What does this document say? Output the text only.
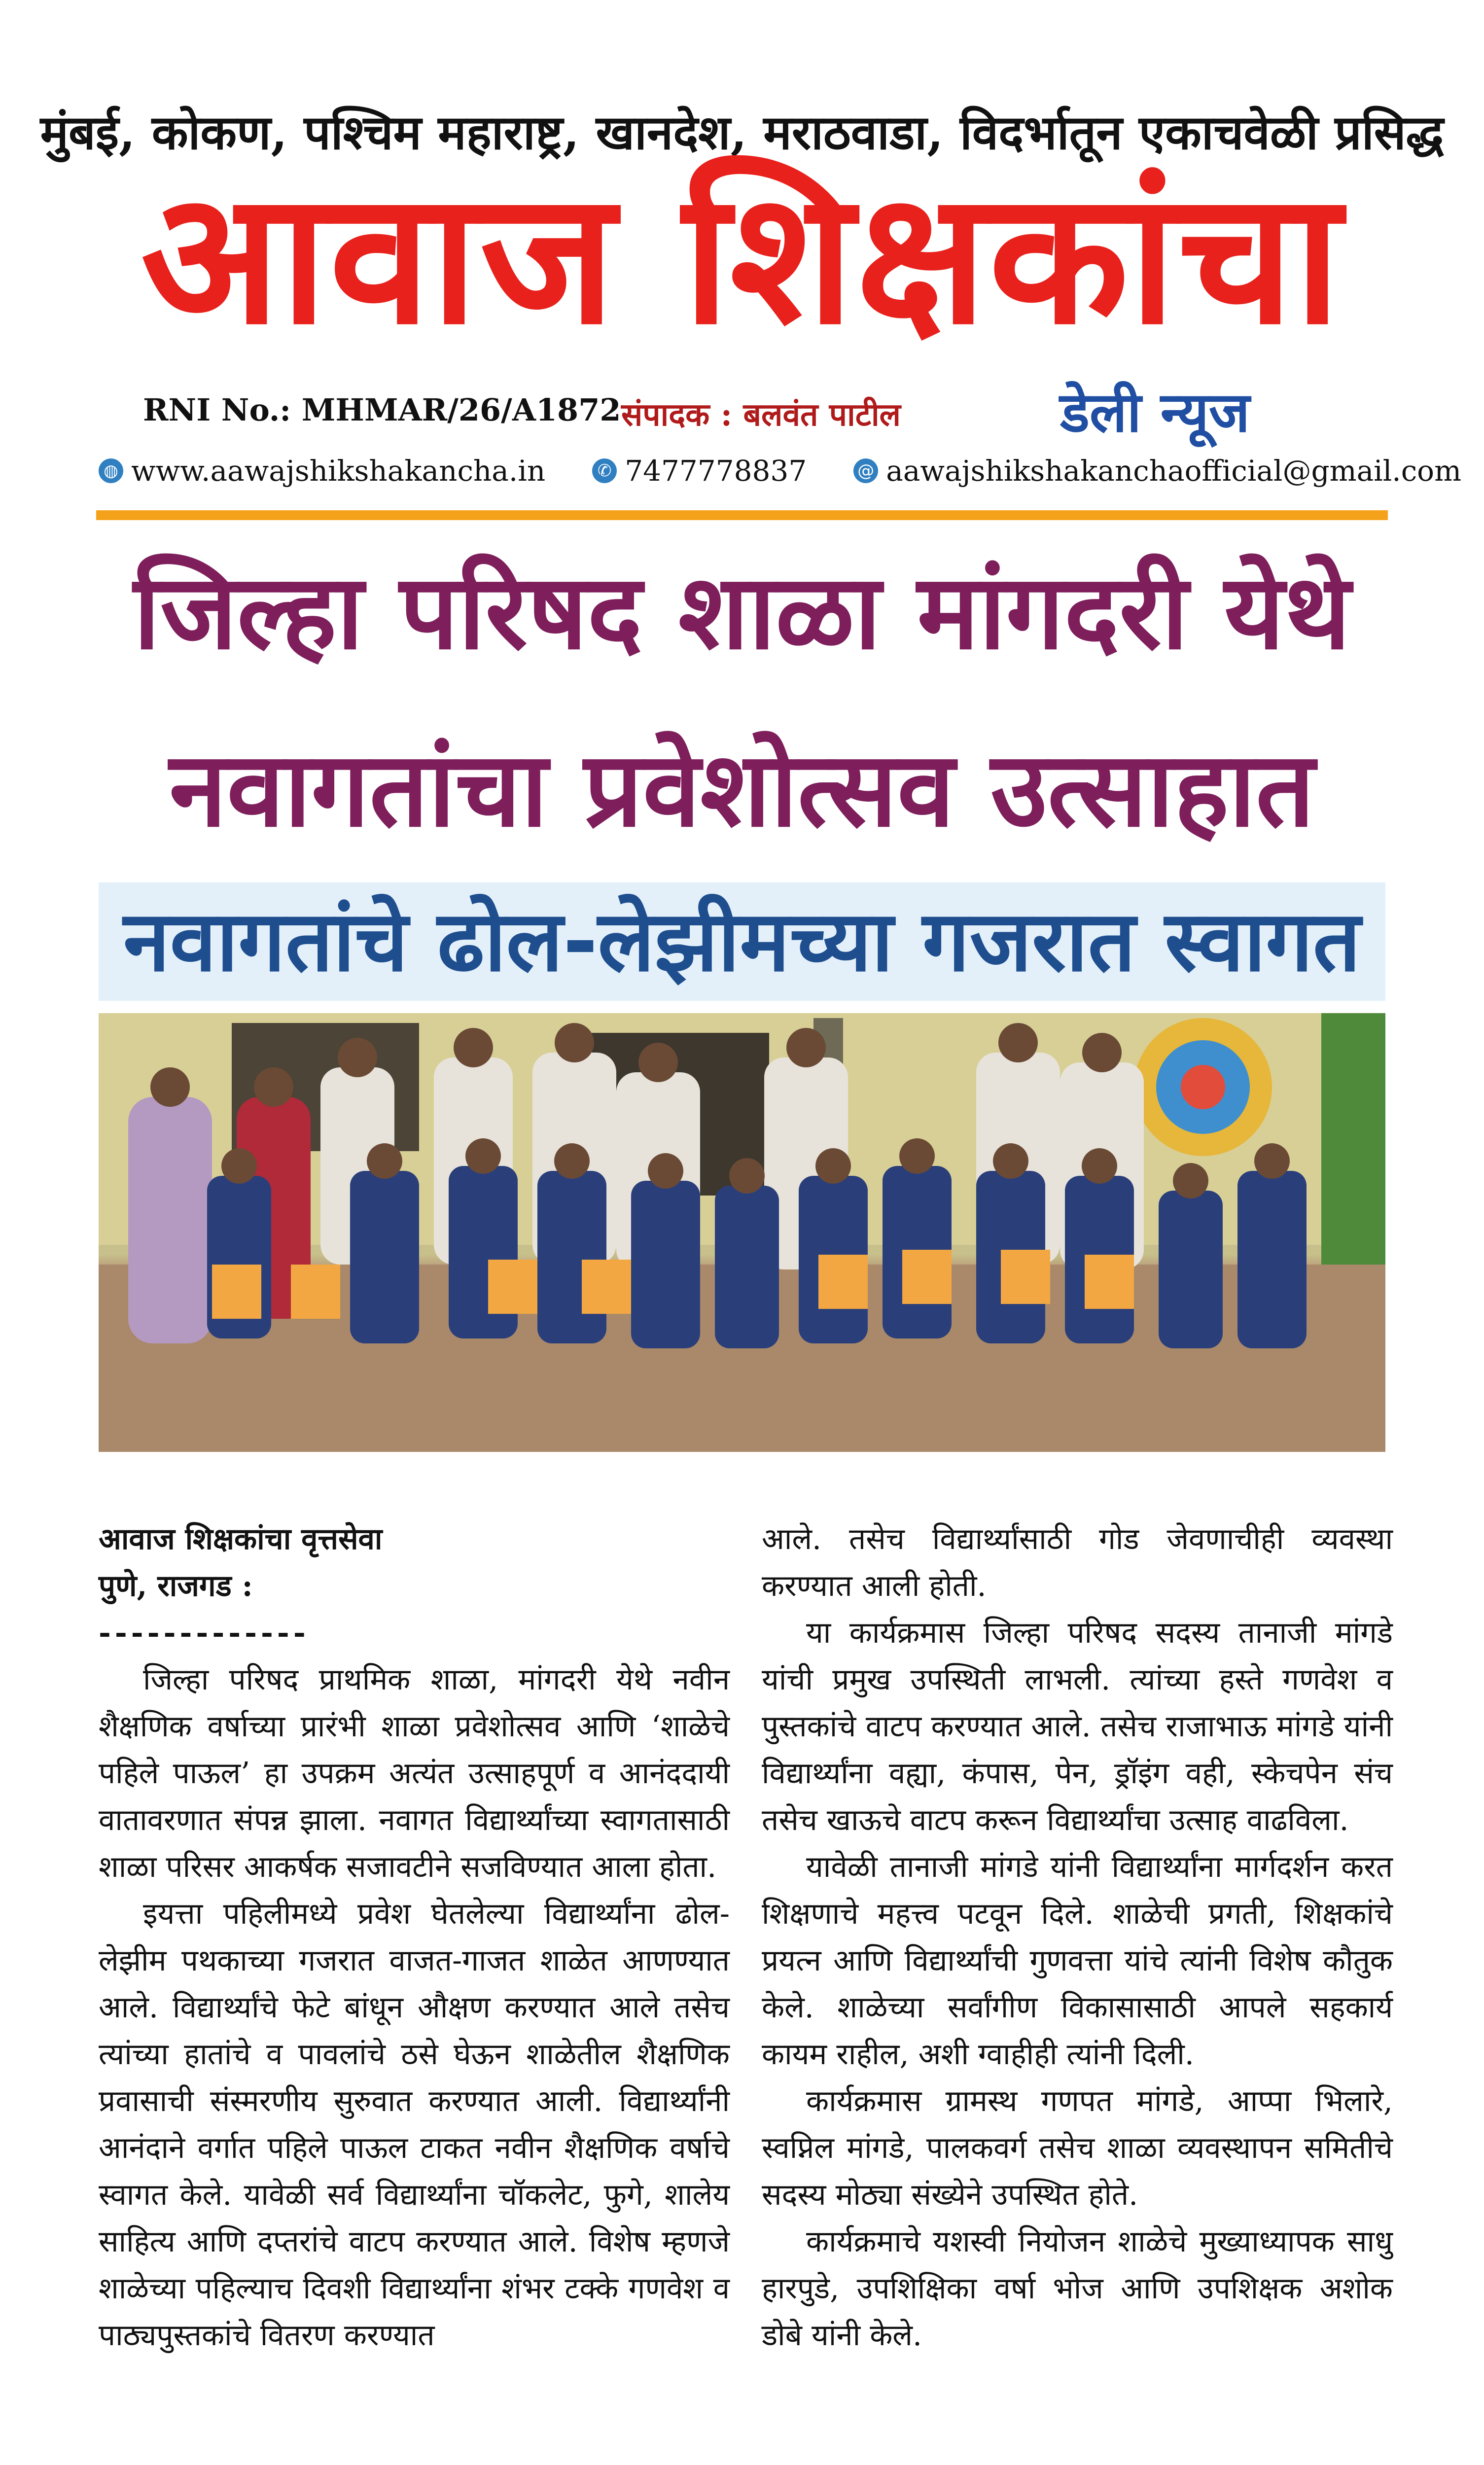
मुंबई, कोकण, पश्चिम महाराष्ट्र, खानदेश, मराठवाडा, विदर्भातून एकाचवेळी प्रसिद्ध
आवाज शिक्षकांचा
RNI No.: MHMAR/26/A1872 संपादक : बलवंत पाटील	डेली न्यूज
◍ www.aawajshikshakancha.in	✆ 7477778837	@ aawajshikshakanchaofficial@gmail.com
जिल्हा परिषद शाळा मांगदरी येथे
नवागतांचा प्रवेशोत्सव उत्साहात
नवागतांचे ढोल-लेझीमच्या गजरात स्वागत

आवाज शिक्षकांचा वृत्तसेवा

पुणे, राजगड :

-------------

जिल्हा परिषद प्राथमिक शाळा, मांगदरी येथे नवीन शैक्षणिक वर्षाच्या प्रारंभी शाळा प्रवेशोत्सव आणि ‘शाळेचे पहिले पाऊल’ हा उपक्रम अत्यंत उत्साहपूर्ण व आनंददायी वातावरणात संपन्न झाला. नवागत विद्यार्थ्यांच्या स्वागतासाठी शाळा परिसर आकर्षक सजावटीने सजविण्यात आला होता.

इयत्ता पहिलीमध्ये प्रवेश घेतलेल्या विद्यार्थ्यांना ढोल-लेझीम पथकाच्या गजरात वाजत-गाजत शाळेत आणण्यात आले. विद्यार्थ्यांचे फेटे बांधून औक्षण करण्यात आले तसेच त्यांच्या हातांचे व पावलांचे ठसे घेऊन शाळेतील शैक्षणिक प्रवासाची संस्मरणीय सुरुवात करण्यात आली. विद्यार्थ्यांनी आनंदाने वर्गात पहिले पाऊल टाकत नवीन शैक्षणिक वर्षाचे स्वागत केले. यावेळी सर्व विद्यार्थ्यांना चॉकलेट, फुगे, शालेय साहित्य आणि दप्तरांचे वाटप करण्यात आले. विशेष म्हणजे शाळेच्या पहिल्याच दिवशी विद्यार्थ्यांना शंभर टक्के गणवेश व पाठ्यपुस्तकांचे वितरण करण्यात

आले. तसेच विद्यार्थ्यांसाठी गोड जेवणाचीही व्यवस्था करण्यात आली होती.

या कार्यक्रमास जिल्हा परिषद सदस्य तानाजी मांगडे यांची प्रमुख उपस्थिती लाभली. त्यांच्या हस्ते गणवेश व पुस्तकांचे वाटप करण्यात आले. तसेच राजाभाऊ मांगडे यांनी विद्यार्थ्यांना वह्या, कंपास, पेन, ड्रॉइंग वही, स्केचपेन संच तसेच खाऊचे वाटप करून विद्यार्थ्यांचा उत्साह वाढविला.

यावेळी तानाजी मांगडे यांनी विद्यार्थ्यांना मार्गदर्शन करत शिक्षणाचे महत्त्व पटवून दिले. शाळेची प्रगती, शिक्षकांचे प्रयत्न आणि विद्यार्थ्यांची गुणवत्ता यांचे त्यांनी विशेष कौतुक केले. शाळेच्या सर्वांगीण विकासासाठी आपले सहकार्य कायम राहील, अशी ग्वाहीही त्यांनी दिली.

कार्यक्रमास ग्रामस्थ गणपत मांगडे, आप्पा भिलारे, स्वप्निल मांगडे, पालकवर्ग तसेच शाळा व्यवस्थापन समितीचे सदस्य मोठ्या संख्येने उपस्थित होते.

कार्यक्रमाचे यशस्वी नियोजन शाळेचे मुख्याध्यापक साधु हारपुडे, उपशिक्षिका वर्षा भोज आणि उपशिक्षक अशोक डोबे यांनी केले.
